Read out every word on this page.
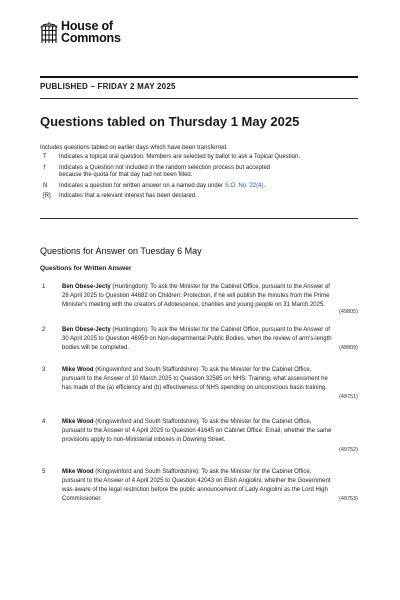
House of
Commons
PUBLISHED – FRIDAY 2 MAY 2025
Questions tabled on Thursday 1 May 2025
Includes questions tabled on earlier days which have been transferred.
T	Indicates a topical oral question. Members are selected by ballot to ask a Topical Question.
†	Indicates a Question not included in the random selection process but accepted because the quota for that day had not been filled.
N	Indicates a question for written answer on a named day under S.O. No. 22(4).
[R]	Indicates that a relevant interest has been declared.
Questions for Answer on Tuesday 6 May
Questions for Written Answer
1	Ben Obese-Jecty (Huntingdon): To ask the Minister for the Cabinet Office, pursuant to the Answer of 28 April 2025 to Question 44682 on Children: Protection, if he will publish the minutes from the Prime Minister's meeting with the creators of Adolescence, charities and young people on 31 March 2025.
(49805)
2	Ben Obese-Jecty (Huntingdon): To ask the Minister for the Cabinet Office, pursuant to the Answer of 30 April 2025 to Question 46959 on Non-departmental Public Bodies, when the review of arm's-length bodies will be completed.	(49809)
3	Mike Wood (Kingswinford and South Staffordshire): To ask the Minister for the Cabinet Office, pursuant to the Answer of 10 March 2025 to Question 32585 on NHS: Training, what assessment he has made of the (a) efficiency and (b) effectiveness of NHS spending on unconscious basis training.
(49751)
4	Mike Wood (Kingswinford and South Staffordshire): To ask the Minister for the Cabinet Office, pursuant to the Answer of 4 April 2025 to Question 41645 on Cabinet Office: Email, whether the same provisions apply to non-Ministerial inboxes in Downing Street.
(49752)
5	Mike Wood (Kingswinford and South Staffordshire): To ask the Minister for the Cabinet Office, pursuant to the Answer of 4 April 2025 to Question 42043 on Elish Angiolini, whether the Government was aware of the legal restriction before the public announcement of Lady Angiolini as the Lord High Commissioner.	(49753)
